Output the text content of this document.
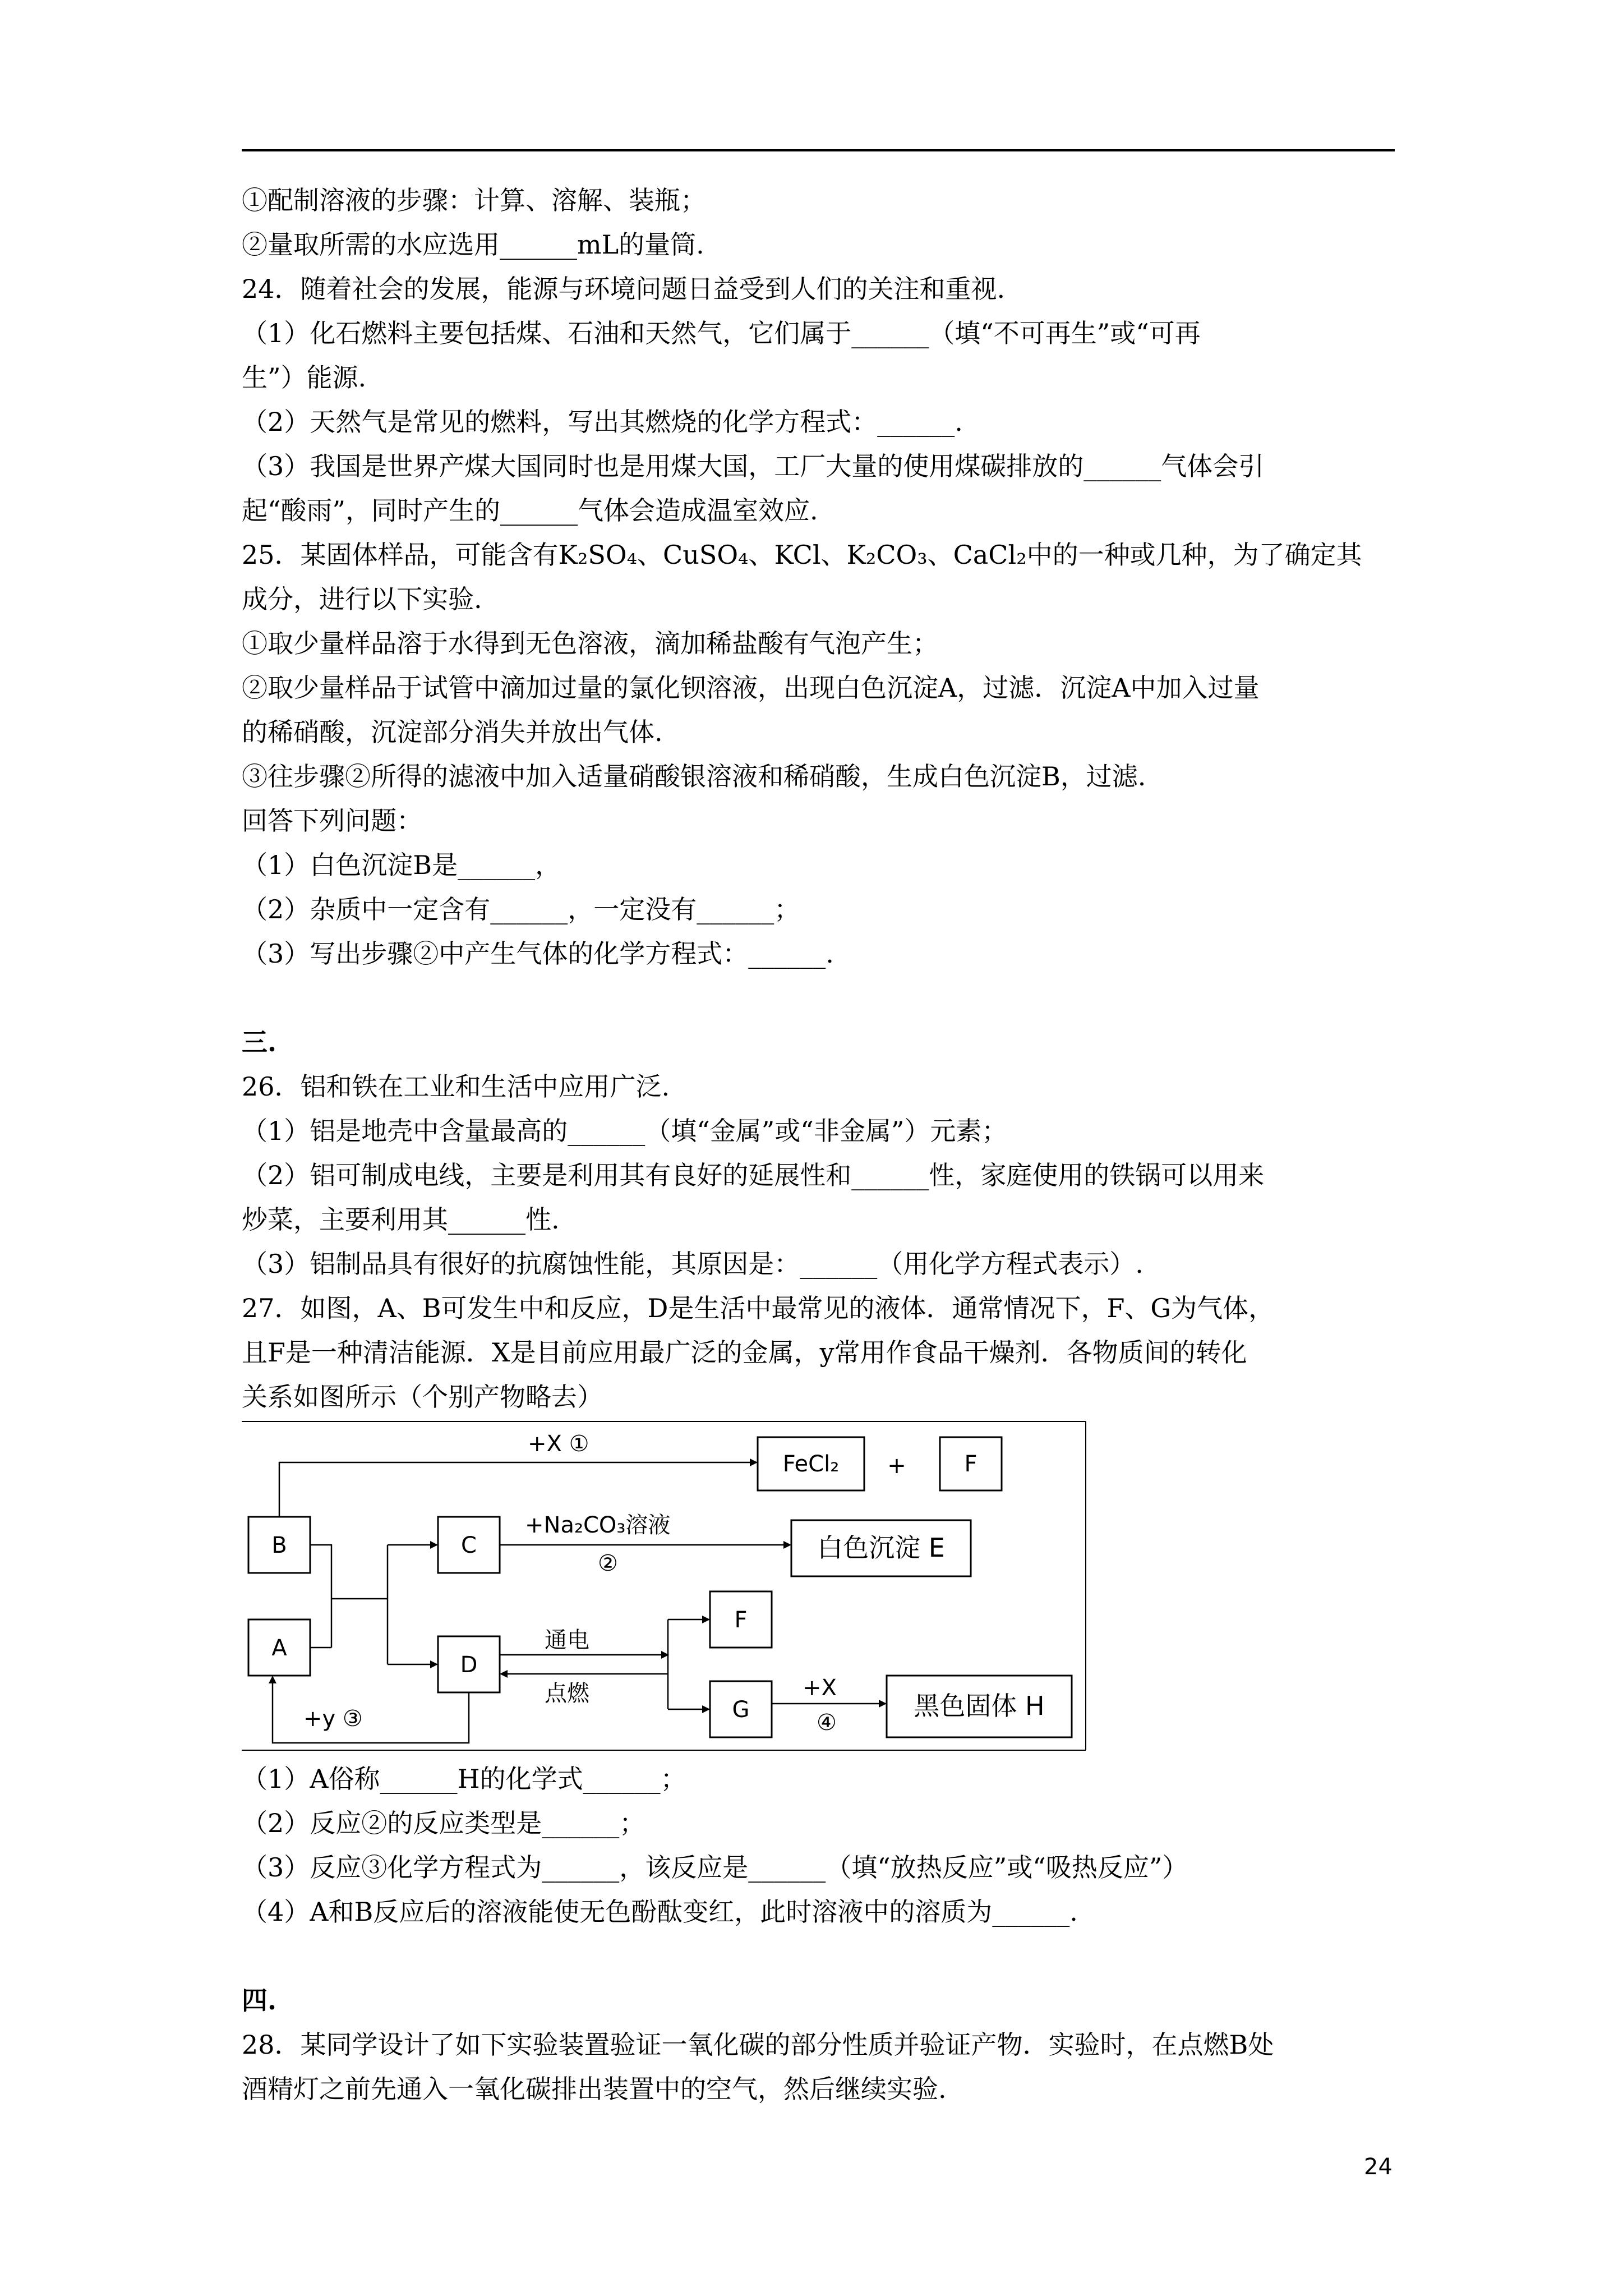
①配制溶液的步骤：计算、溶解、装瓶；
②量取所需的水应选用______mL的量筒.
24．随着社会的发展，能源与环境问题日益受到人们的关注和重视.
（1）化石燃料主要包括煤、石油和天然气，它们属于______（填“不可再生”或“可再
生”）能源.
（2）天然气是常见的燃料，写出其燃烧的化学方程式：______.
（3）我国是世界产煤大国同时也是用煤大国，工厂大量的使用煤碳排放的______气体会引
起“酸雨”，同时产生的______气体会造成温室效应.
25．某固体样品，可能含有K₂SO₄、CuSO₄、KCl、K₂CO₃、CaCl₂中的一种或几种，为了确定其
成分，进行以下实验.
①取少量样品溶于水得到无色溶液，滴加稀盐酸有气泡产生；
②取少量样品于试管中滴加过量的氯化钡溶液，出现白色沉淀A，过滤．沉淀A中加入过量
的稀硝酸，沉淀部分消失并放出气体.
③往步骤②所得的滤液中加入适量硝酸银溶液和稀硝酸，生成白色沉淀B，过滤.
回答下列问题：
（1）白色沉淀B是______，
（2）杂质中一定含有______，一定没有______；
（3）写出步骤②中产生气体的化学方程式：______.
三.
26．铝和铁在工业和生活中应用广泛.
（1）铝是地壳中含量最高的______（填“金属”或“非金属”）元素；
（2）铝可制成电线，主要是利用其有良好的延展性和______性，家庭使用的铁锅可以用来
炒菜，主要利用其______性.
（3）铝制品具有很好的抗腐蚀性能，其原因是：______（用化学方程式表示）.
27．如图，A、B可发生中和反应，D是生活中最常见的液体．通常情况下，F、G为气体，
且F是一种清洁能源．X是目前应用最广泛的金属，y常用作食品干燥剂．各物质间的转化
关系如图所示（个别产物略去）
B
A
C
D
FeCl₂ +	F
白色沉淀 E
F
G	黑色固体 H
+X ①
+Na₂CO₃溶液
②
通电
点燃	+X
④
+y ③
（1）A俗称______H的化学式______；
（2）反应②的反应类型是______；
（3）反应③化学方程式为______，该反应是______（填“放热反应”或“吸热反应”）
（4）A和B反应后的溶液能使无色酚酞变红，此时溶液中的溶质为______.
四.
28．某同学设计了如下实验装置验证一氧化碳的部分性质并验证产物．实验时，在点燃B处
酒精灯之前先通入一氧化碳排出装置中的空气，然后继续实验.
24
